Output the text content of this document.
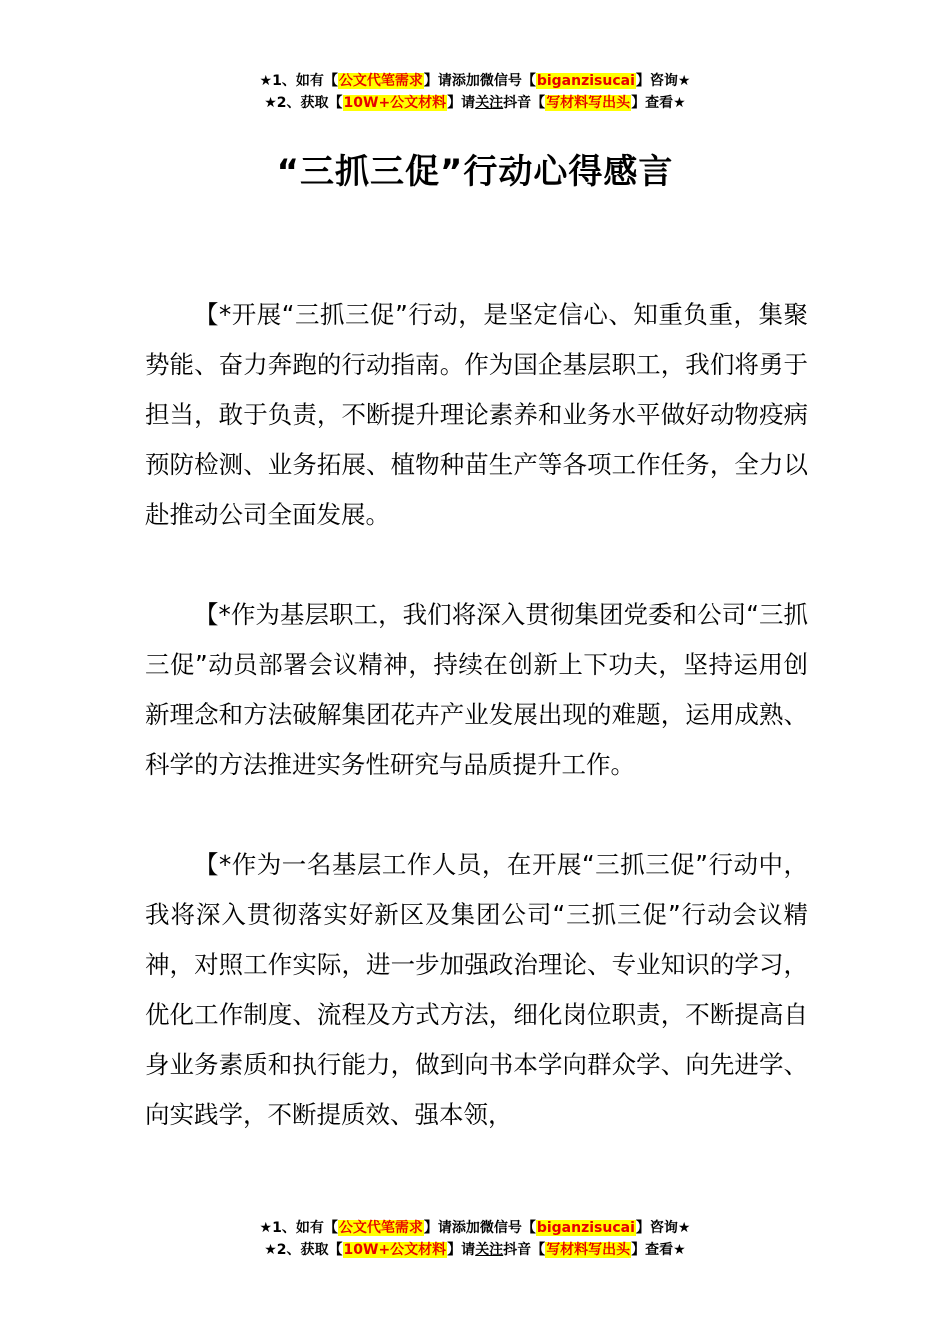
★1、如有【公文代笔需求】请添加微信号【biganzisucai】咨询★
★2、获取【10W+公文材料】请关注抖音【写材料写出头】查看★
“三抓三促”行动心得感言

【*开展“三抓三促”行动，是坚定信心、知重负重，集聚势能、奋力奔跑的行动指南。作为国企基层职工，我们将勇于担当，敢于负责，不断提升理论素养和业务水平做好动物疫病预防检测、业务拓展、植物种苗生产等各项工作任务，全力以赴推动公司全面发展。

【*作为基层职工，我们将深入贯彻集团党委和公司“三抓三促”动员部署会议精神，持续在创新上下功夫，坚持运用创新理念和方法破解集团花卉产业发展出现的难题，运用成熟、科学的方法推进实务性研究与品质提升工作。

【*作为一名基层工作人员，在开展“三抓三促”行动中，我将深入贯彻落实好新区及集团公司“三抓三促”行动会议精神，对照工作实际，进一步加强政治理论、专业知识的学习，优化工作制度、流程及方式方法，细化岗位职责，不断提高自身业务素质和执行能力，做到向书本学向群众学、向先进学、向实践学，不断提质效、强本领，

★1、如有【公文代笔需求】请添加微信号【biganzisucai】咨询★
★2、获取【10W+公文材料】请关注抖音【写材料写出头】查看★
